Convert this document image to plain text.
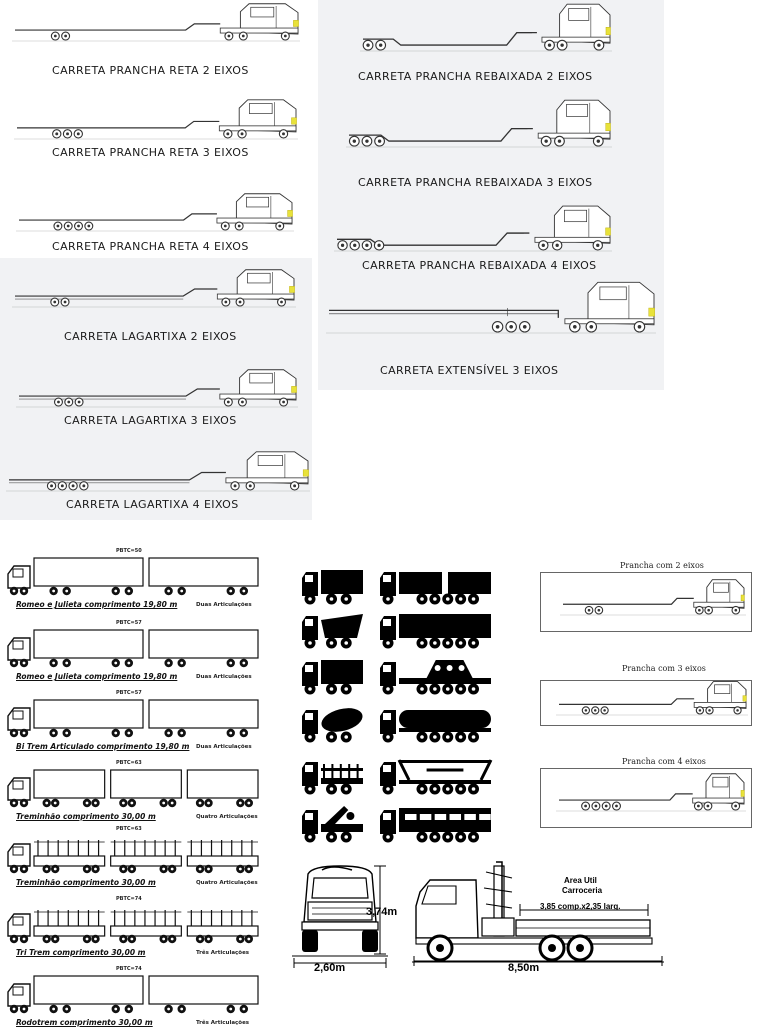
CARRETA PRANCHA RETA 2 EIXOS
CARRETA PRANCHA RETA 3 EIXOS
CARRETA PRANCHA RETA 4 EIXOS
CARRETA LAGARTIXA 2 EIXOS
CARRETA LAGARTIXA 3 EIXOS
CARRETA LAGARTIXA 4 EIXOS
CARRETA PRANCHA REBAIXADA 2 EIXOS
CARRETA PRANCHA REBAIXADA 3 EIXOS
CARRETA PRANCHA REBAIXADA 4 EIXOS
CARRETA EXTENSÍVEL 3 EIXOS
PBTC=50
Romeo e Julieta comprimento 19,80 m	Duas Articulações
PBTC=57
Romeo e Julieta comprimento 19,80 m	Duas Articulações
PBTC=57
Bi Trem Articulado comprimento 19,80 m Duas Articulações
PBTC=63
Treminhão comprimento 30,00 m	Quatro Articulações
PBTC=63
Treminhão comprimento 30,00 m	Quatro Articulações
PBTC=74
Tri Trem comprimento 30,00 m	Três Articulações
PBTC=74
Rodotrem comprimento 30,00 m	Três Articulações
Prancha com 2 eixos
Prancha com 3 eixos
Prancha com 4 eixos
3,74m
2,60m
Area Util
Carroceria
3,85 comp.x2,35 larg.
8,50m
